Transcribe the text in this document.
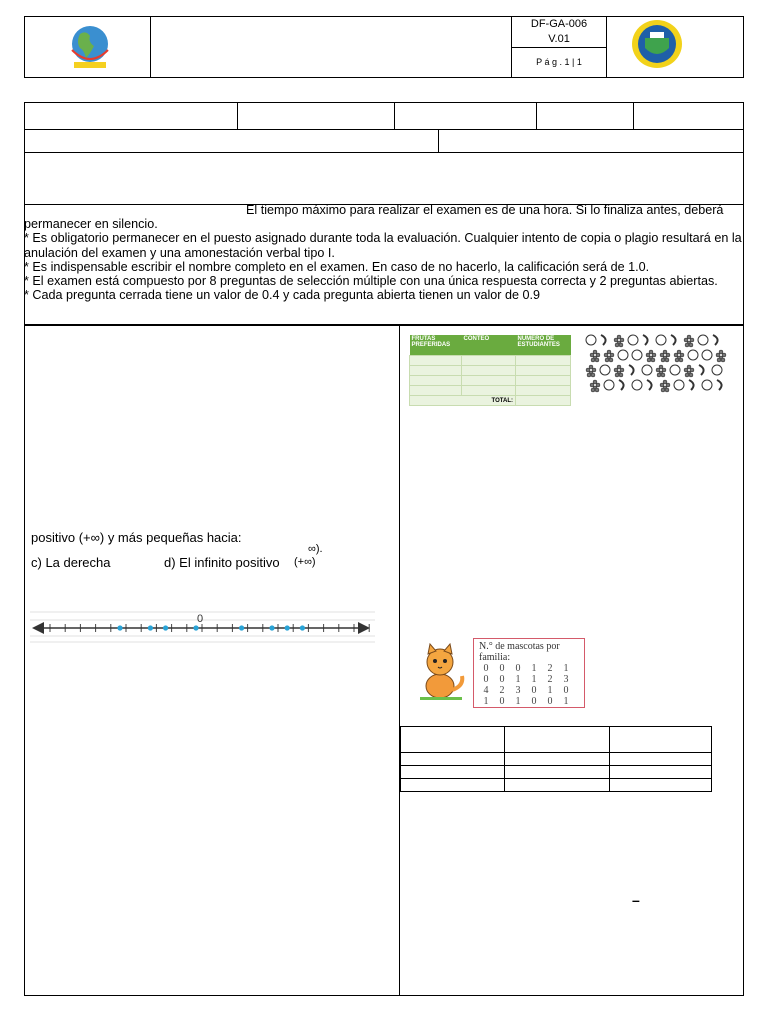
DF-GA-006
V.01
P á g . 1 | 1

El tiempo máximo para realizar el examen es de una hora. Si lo finaliza antes, deberá permanecer en silencio.

* Es obligatorio permanecer en el puesto asignado durante toda la evaluación. Cualquier intento de copia o plagio resultará en la anulación del examen y una amonestación verbal tipo I.

* Es indispensable escribir el nombre completo en el examen. En caso de no hacerlo, la calificación será de 1.0.

* El examen está compuesto por 8 preguntas de selección múltiple con una única respuesta correcta y 2 preguntas abiertas.

* Cada pregunta cerrada tiene un valor de 0.4 y cada pregunta abierta tienen un valor de 0.9

positivo (+∞) y más pequeñas hacia:
∞).
c) La derecha	d) El infinito positivo (+∞)
0
FRUTAS PREFERIDAS	CONTEO	NÚMERO DE ESTUDIANTES

TOTAL:		
N.° de mascotas por familia:
0 0 0 1 2 1
0 0 1 1 2 3
4 2 3 0 1 0
1 0 1 0 0 1

–
